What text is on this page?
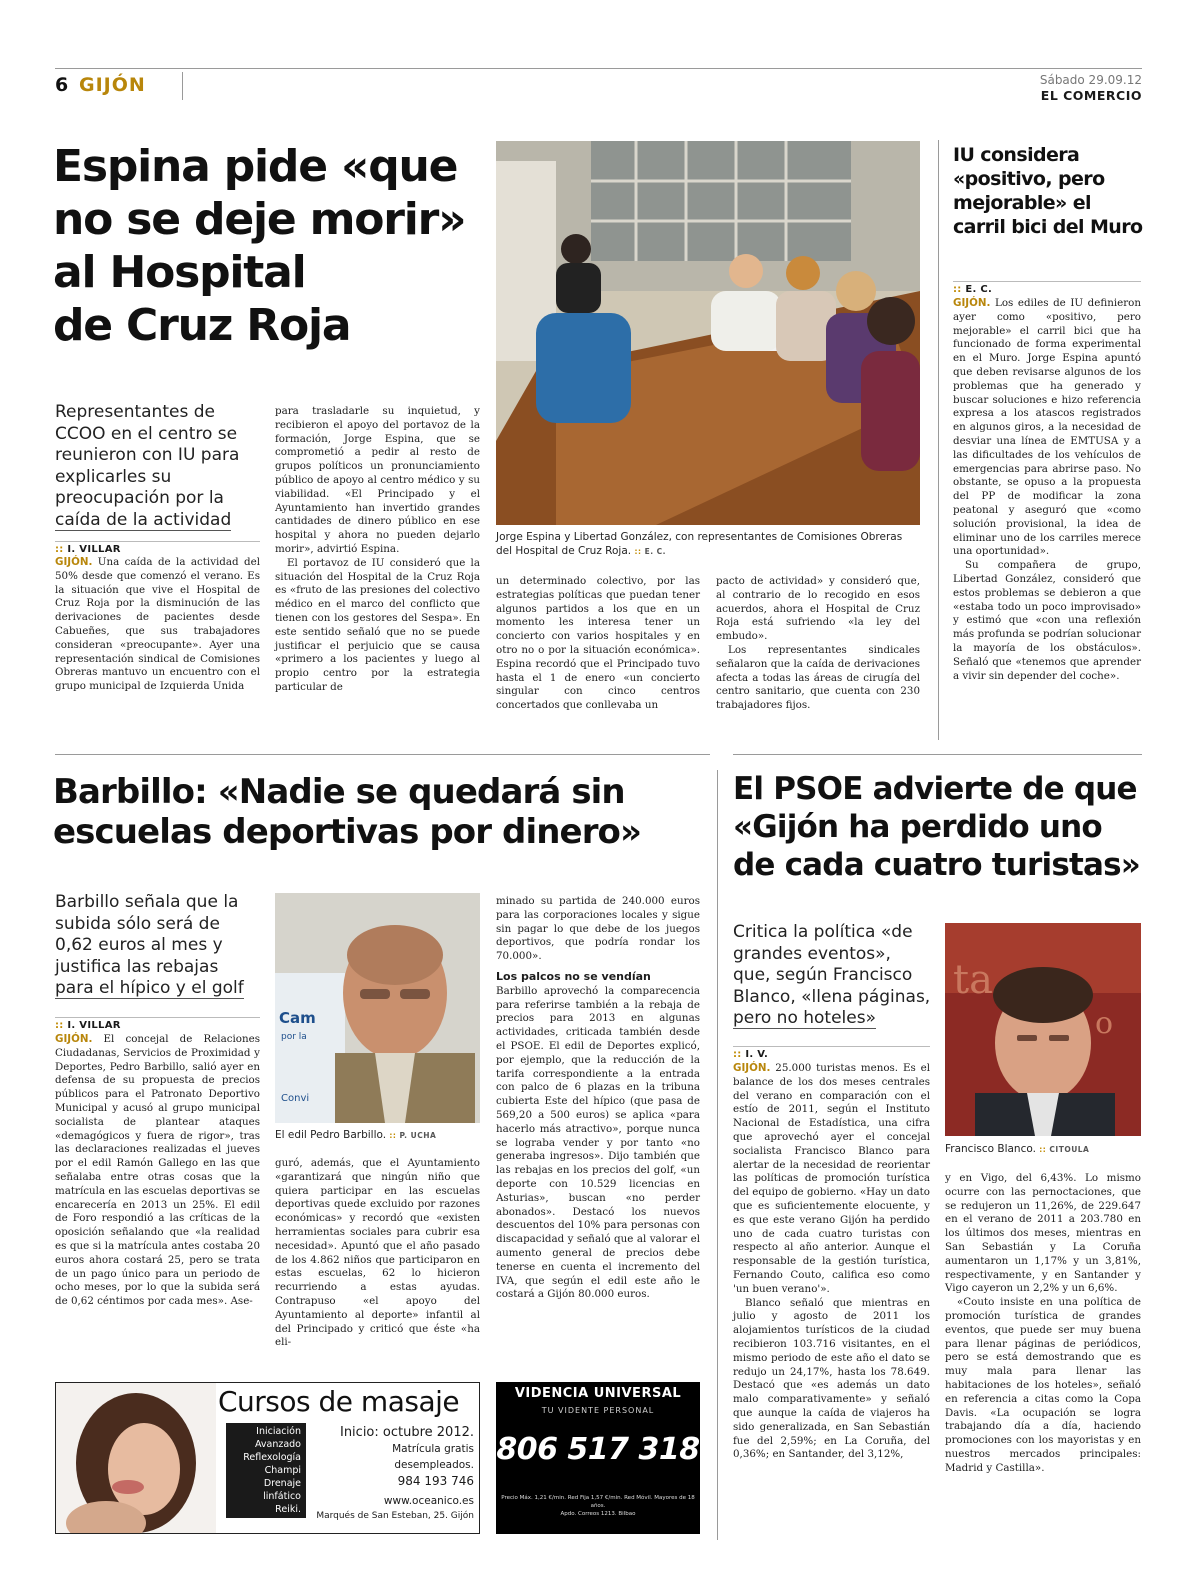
6 GIJÓN	Sábado 29.09.12
EL COMERCIO
Espina pide «que
no se deje morir»
al Hospital
de Cruz Roja
Jorge Espina y Libertad González, con representantes de Comisiones Obreras del Hospital de Cruz Roja. :: E. C.
Representantes de
CCOO en el centro se
reunieron con IU para
explicarles su
preocupación por la
caída de la actividad
:: I. VILLAR

GIJÓN. Una caída de la actividad del 50% desde que comenzó el verano. Es la situación que vive el Hospital de Cruz Roja por la disminución de las derivaciones de pacientes desde Cabueñes, que sus trabajadores consideran «preocupante». Ayer una representación sindical de Comisiones Obreras mantuvo un encuentro con el grupo municipal de Izquierda Unida

para trasladarle su inquietud, y recibieron el apoyo del portavoz de la formación, Jorge Espina, que se comprometió a pedir al resto de grupos políticos un pronunciamiento público de apoyo al centro médico y su viabilidad. «El Principado y el Ayuntamiento han invertido grandes cantidades de dinero público en ese hospital y ahora no pueden dejarlo morir», advirtió Espina.

El portavoz de IU consideró que la situación del Hospital de la Cruz Roja es «fruto de las presiones del colectivo médico en el marco del conflicto que tienen con los gestores del Sespa». En este sentido señaló que no se puede justificar el perjuicio que se causa «primero a los pacientes y luego al propio centro por la estrategia particular de

un determinado colectivo, por las estrategias políticas que puedan tener algunos partidos a los que en un momento les interesa tener un concierto con varios hospitales y en otro no o por la situación económica». Espina recordó que el Principado tuvo hasta el 1 de enero «un concierto singular con cinco centros concertados que conllevaba un

pacto de actividad» y consideró que, al contrario de lo recogido en esos acuerdos, ahora el Hospital de Cruz Roja está sufriendo «la ley del embudo».

Los representantes sindicales señalaron que la caída de derivaciones afecta a todas las áreas de cirugía del centro sanitario, que cuenta con 230 trabajadores fijos.

IU considera
«positivo, pero
mejorable» el
carril bici del Muro
:: E. C.

GIJÓN. Los ediles de IU definieron ayer como «positivo, pero mejorable» el carril bici que ha funcionado de forma experimental en el Muro. Jorge Espina apuntó que deben revisarse algunos de los problemas que ha generado y buscar soluciones e hizo referencia expresa a los atascos registrados en algunos giros, a la necesidad de desviar una línea de EMTUSA y a las dificultades de los vehículos de emergencias para abrirse paso. No obstante, se opuso a la propuesta del PP de modificar la zona peatonal y aseguró que «como solución provisional, la idea de eliminar uno de los carriles merece una oportunidad».

Su compañera de grupo, Libertad González, consideró que estos problemas se debieron a que «estaba todo un poco improvisado» y estimó que «con una reflexión más profunda se podrían solucionar la mayoría de los obstáculos». Señaló que «tenemos que aprender a vivir sin depender del coche».

Barbillo: «Nadie se quedará sin
escuelas deportivas por dinero»
Barbillo señala que la
subida sólo será de
0,62 euros al mes y
justifica las rebajas
para el hípico y el golf
:: I. VILLAR

GIJÓN. El concejal de Relaciones Ciudadanas, Servicios de Proximidad y Deportes, Pedro Barbillo, salió ayer en defensa de su propuesta de precios públicos para el Patronato Deportivo Municipal y acusó al grupo municipal socialista de plantear ataques «demagógicos y fuera de rigor», tras las declaraciones realizadas el jueves por el edil Ramón Gallego en las que señalaba entre otras cosas que la matrícula en las escuelas deportivas se encarecería en 2013 un 25%. El edil de Foro respondió a las críticas de la oposición señalando que «la realidad es que si la matrícula antes costaba 20 euros ahora costará 25, pero se trata de un pago único para un periodo de ocho meses, por lo que la subida será de 0,62 céntimos por cada mes». Ase-

Cam
por la
Convi
El edil Pedro Barbillo. :: P. UCHA

guró, además, que el Ayuntamiento «garantizará que ningún niño que quiera participar en las escuelas deportivas quede excluido por razones económicas» y recordó que «existen herramientas sociales para cubrir esa necesidad». Apuntó que el año pasado de los 4.862 niños que participaron en estas escuelas, 62 lo hicieron recurriendo a estas ayudas. Contrapuso «el apoyo del Ayuntamiento al deporte» infantil al del Principado y criticó que éste «ha eli-

minado su partida de 240.000 euros para las corporaciones locales y sigue sin pagar lo que debe de los juegos deportivos, que podría rondar los 70.000».

Los palcos no se vendían

Barbillo aprovechó la comparecencia para referirse también a la rebaja de precios para 2013 en algunas actividades, criticada también desde el PSOE. El edil de Deportes explicó, por ejemplo, que la reducción de la tarifa correspondiente a la entrada con palco de 6 plazas en la tribuna cubierta Este del hípico (que pasa de 569,20 a 500 euros) se aplica «para hacerlo más atractivo», porque nunca se lograba vender y por tanto «no generaba ingresos». Dijo también que las rebajas en los precios del golf, «un deporte con 10.529 licencias en Asturias», buscan «no perder abonados». Destacó los nuevos descuentos del 10% para personas con discapacidad y señaló que al valorar el aumento general de precios debe tenerse en cuenta el incremento del IVA, que según el edil este año le costará a Gijón 80.000 euros.

El PSOE advierte de que
«Gijón ha perdido uno
de cada cuatro turistas»
Critica la política «de
grandes eventos»,
que, según Francisco
Blanco, «llena páginas,
pero no hoteles»
:: I. V.

GIJÓN. 25.000 turistas menos. Es el balance de los dos meses centrales del verano en comparación con el estío de 2011, según el Instituto Nacional de Estadística, una cifra que aprovechó ayer el concejal socialista Francisco Blanco para alertar de la necesidad de reorientar las políticas de promoción turística del equipo de gobierno. «Hay un dato que es suficientemente elocuente, y es que este verano Gijón ha perdido uno de cada cuatro turistas con respecto al año anterior. Aunque el responsable de la gestión turística, Fernando Couto, califica eso como 'un buen verano'».

Blanco señaló que mientras en julio y agosto de 2011 los alojamientos turísticos de la ciudad recibieron 103.716 visitantes, en el mismo periodo de este año el dato se redujo un 24,17%, hasta los 78.649. Destacó que «es además un dato malo comparativamente» y señaló que aunque la caída de viajeros ha sido generalizada, en San Sebastián fue del 2,59%; en La Coruña, del 0,36%; en Santander, del 3,12%,

ta
o
Francisco Blanco. :: CITOULA

y en Vigo, del 6,43%. Lo mismo ocurre con las pernoctaciones, que se redujeron un 11,26%, de 229.647 en el verano de 2011 a 203.780 en los últimos dos meses, mientras en San Sebastián y La Coruña aumentaron un 1,17% y un 3,81%, respectivamente, y en Santander y Vigo cayeron un 2,2% y un 6,6%.

«Couto insiste en una política de promoción turística de grandes eventos, que puede ser muy buena para llenar páginas de periódicos, pero se está demostrando que es muy mala para llenar las habitaciones de los hoteles», señaló en referencia a citas como la Copa Davis. «La ocupación se logra trabajando día a día, haciendo promociones con los mayoristas y en nuestros mercados principales: Madrid y Castilla».

Cursos de masaje
Iniciación
Avanzado
Reflexología
Champi
Drenaje linfático
Reiki.
Inicio: octubre 2012.
Matrícula gratis desempleados.
984 193 746
www.oceanico.es
Marqués de San Esteban, 25. Gijón
VIDENCIA UNIVERSAL
TU VIDENTE PERSONAL
806 517 318
Precio Máx. 1,21 €/min. Red Fija 1,57 €/min. Red Móvil. Mayores de 18 años.
Apdo. Correos 1213. Bilbao
